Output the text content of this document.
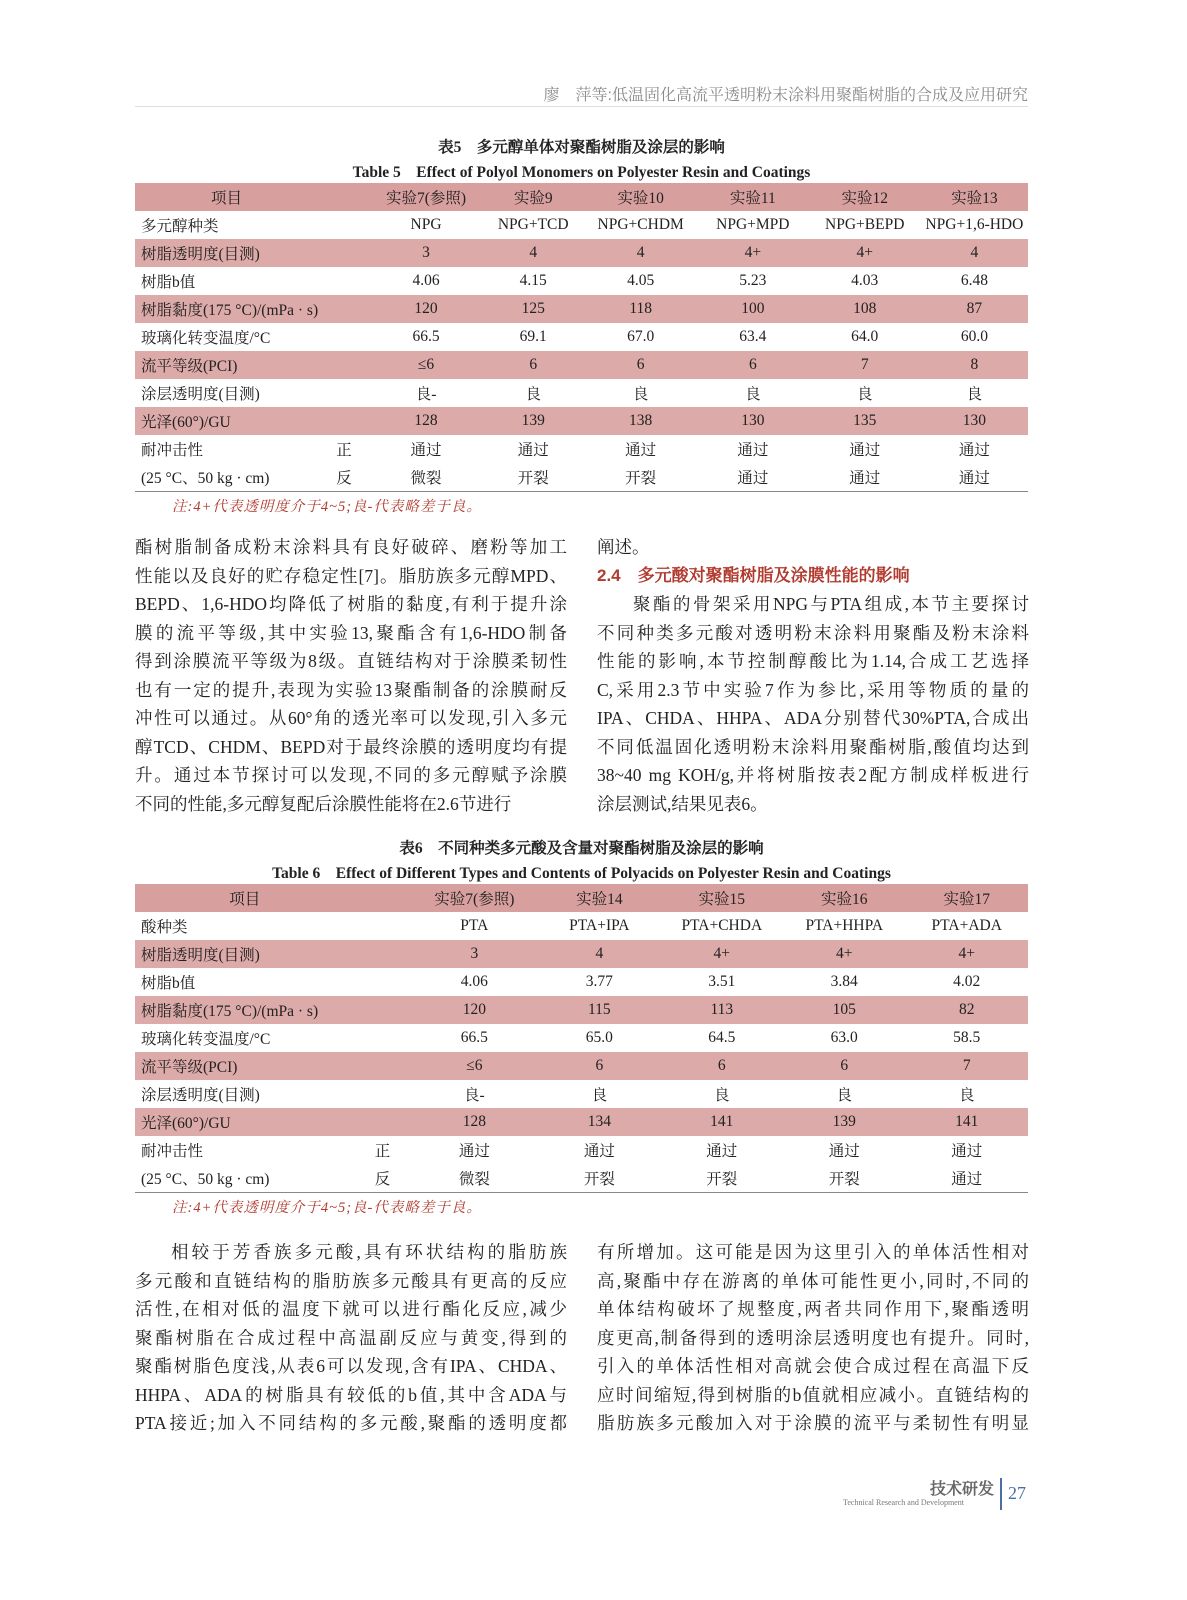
廖　萍等:低温固化高流平透明粉末涂料用聚酯树脂的合成及应用研究
表5　多元醇单体对聚酯树脂及涂层的影响
Table 5　Effect of Polyol Monomers on Polyester Resin and Coatings
项目		实验7(参照)	实验9	实验10	实验11	实验12	实验13
多元醇种类		NPG	NPG+TCD	NPG+CHDM	NPG+MPD	NPG+BEPD	NPG+1,6-HDO
树脂透明度(目测)		3	4	4	4+	4+	4
树脂b值		4.06	4.15	4.05	5.23	4.03	6.48
树脂黏度(175 °C)/(mPa · s)		120	125	118	100	108	87
玻璃化转变温度/°C		66.5	69.1	67.0	63.4	64.0	60.0
流平等级(PCI)		≤6	6	6	6	7	8
涂层透明度(目测)		良-	良	良	良	良	良
光泽(60°)/GU		128	139	138	130	135	130
耐冲击性	正	通过	通过	通过	通过	通过	通过
(25 °C、50 kg · cm)	反	微裂	开裂	开裂	通过	通过	通过
注:4+代表透明度介于4~5;良-代表略差于良。
酯树脂制备成粉末涂料具有良好破碎、磨粉等加工
性能以及良好的贮存稳定性[7]。脂肪族多元醇MPD、
BEPD、1,6-HDO均降低了树脂的黏度,有利于提升涂
膜的流平等级,其中实验13,聚酯含有1,6-HDO制备
得到涂膜流平等级为8级。直链结构对于涂膜柔韧性
也有一定的提升,表现为实验13聚酯制备的涂膜耐反
冲性可以通过。从60°角的透光率可以发现,引入多元
醇TCD、CHDM、BEPD对于最终涂膜的透明度均有提
升。通过本节探讨可以发现,不同的多元醇赋予涂膜
不同的性能,多元醇复配后涂膜性能将在2.6节进行
阐述。
2.4　多元酸对聚酯树脂及涂膜性能的影响
聚酯的骨架采用NPG与PTA组成,本节主要探讨
不同种类多元酸对透明粉末涂料用聚酯及粉末涂料
性能的影响,本节控制醇酸比为1.14,合成工艺选择
C,采用2.3节中实验7作为参比,采用等物质的量的
IPA、CHDA、HHPA、ADA分别替代30%PTA,合成出
不同低温固化透明粉末涂料用聚酯树脂,酸值均达到
38~40 mg KOH/g,并将树脂按表2配方制成样板进行
涂层测试,结果见表6。
表6　不同种类多元酸及含量对聚酯树脂及涂层的影响
Table 6　Effect of Different Types and Contents of Polyacids on Polyester Resin and Coatings
项目		实验7(参照)	实验14	实验15	实验16	实验17
酸种类		PTA	PTA+IPA	PTA+CHDA	PTA+HHPA	PTA+ADA
树脂透明度(目测)		3	4	4+	4+	4+
树脂b值		4.06	3.77	3.51	3.84	4.02
树脂黏度(175 °C)/(mPa · s)		120	115	113	105	82
玻璃化转变温度/°C		66.5	65.0	64.5	63.0	58.5
流平等级(PCI)		≤6	6	6	6	7
涂层透明度(目测)		良-	良	良	良	良
光泽(60°)/GU		128	134	141	139	141
耐冲击性	正	通过	通过	通过	通过	通过
(25 °C、50 kg · cm)	反	微裂	开裂	开裂	开裂	通过
注:4+代表透明度介于4~5;良-代表略差于良。
相较于芳香族多元酸,具有环状结构的脂肪族
多元酸和直链结构的脂肪族多元酸具有更高的反应
活性,在相对低的温度下就可以进行酯化反应,减少
聚酯树脂在合成过程中高温副反应与黄变,得到的
聚酯树脂色度浅,从表6可以发现,含有IPA、CHDA、
HHPA、ADA的树脂具有较低的b值,其中含ADA与
PTA接近;加入不同结构的多元酸,聚酯的透明度都
有所增加。这可能是因为这里引入的单体活性相对
高,聚酯中存在游离的单体可能性更小,同时,不同的
单体结构破坏了规整度,两者共同作用下,聚酯透明
度更高,制备得到的透明涂层透明度也有提升。同时,
引入的单体活性相对高就会使合成过程在高温下反
应时间缩短,得到树脂的b值就相应减小。直链结构的
脂肪族多元酸加入对于涂膜的流平与柔韧性有明显
技术研发
Technical Research and Development 27
